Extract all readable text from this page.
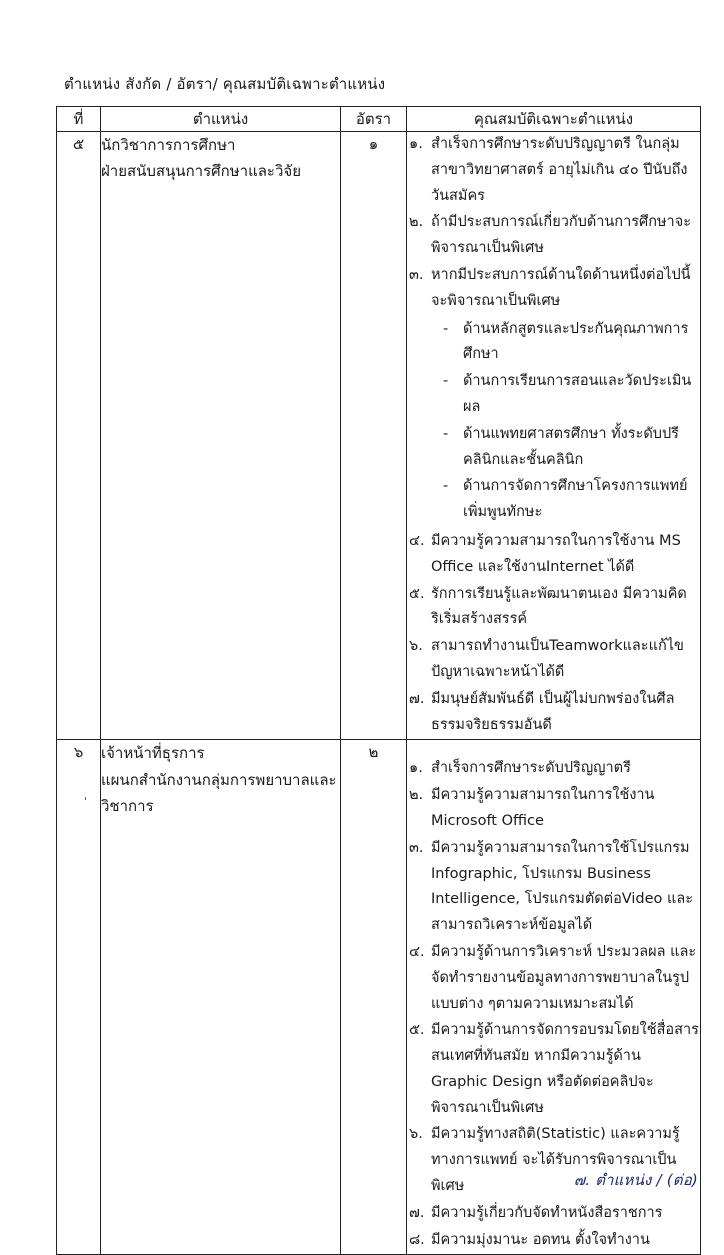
ตำแหน่ง สังกัด / อัตรา/ คุณสมบัติเฉพาะตำแหน่ง
ที่	ตำแหน่ง	อัตรา	คุณสมบัติเฉพาะตำแหน่ง
๕	นักวิชาการการศึกษา
ฝ่ายสนับสนุนการศึกษาและวิจัย
	๑	๑. สำเร็จการศึกษาระดับปริญญาตรี ในกลุ่มสาขาวิทยาศาสตร์ อายุไม่เกิน ๔๐ ปีนับถึงวันสมัคร
๒. ถ้ามีประสบการณ์เกี่ยวกับด้านการศึกษาจะพิจารณาเป็นพิเศษ
๓. หากมีประสบการณ์ด้านใดด้านหนึ่งต่อไปนี้จะพิจารณาเป็นพิเศษ
-	ด้านหลักสูตรและประกันคุณภาพการศึกษา
-	ด้านการเรียนการสอนและวัดประเมินผล
-	ด้านแพทยศาสตรศึกษา ทั้งระดับปรีคลินิกและชั้นคลินิก
-	ด้านการจัดการศึกษาโครงการแพทย์เพิ่มพูนทักษะ
๔. มีความรู้ความสามารถในการใช้งาน MS Office และใช้งานInternet ได้ดี
๕. รักการเรียนรู้และพัฒนาตนเอง มีความคิดริเริ่มสร้างสรรค์
๖. สามารถทำงานเป็นTeamworkและแก้ไขปัญหาเฉพาะหน้าได้ดี
๗. มีมนุษย์สัมพันธ์ดี เป็นผู้ไม่บกพร่องในศีลธรรมจริยธรรมอันดี

๖	เจ้าหน้าที่ธุรการ
แผนกสำนักงานกลุ่มการพยาบาลและวิชาการ
	๒	
๑. สำเร็จการศึกษาระดับปริญญาตรี
๒. มีความรู้ความสามารถในการใช้งาน Microsoft Office
๓. มีความรู้ความสามารถในการใช้โปรแกรม Infographic, โปรแกรม Business Intelligence, โปรแกรมตัดต่อVideo และ สามารถวิเคราะห์ข้อมูลได้
๔. มีความรู้ด้านการวิเคราะห์ ประมวลผล และ จัดทำรายงานข้อมูลทางการพยาบาลในรูปแบบต่าง ๆตามความเหมาะสมได้
๕. มีความรู้ด้านการจัดการอบรมโดยใช้สื่อสารสนเทศที่ทันสมัย หากมีความรู้ด้าน Graphic Design หรือตัดต่อคลิปจะพิจารณาเป็นพิเศษ
๖. มีความรู้ทางสถิติ(Statistic) และความรู้ทางการแพทย์ จะได้รับการพิจารณาเป็นพิเศษ
๗. มีความรู้เกี่ยวกับจัดทำหนังสือราชการ
๘. มีความมุ่งมานะ อดทน ตั้งใจทำงาน
'
๗. ตำแหน่ง / (ต่อ)
